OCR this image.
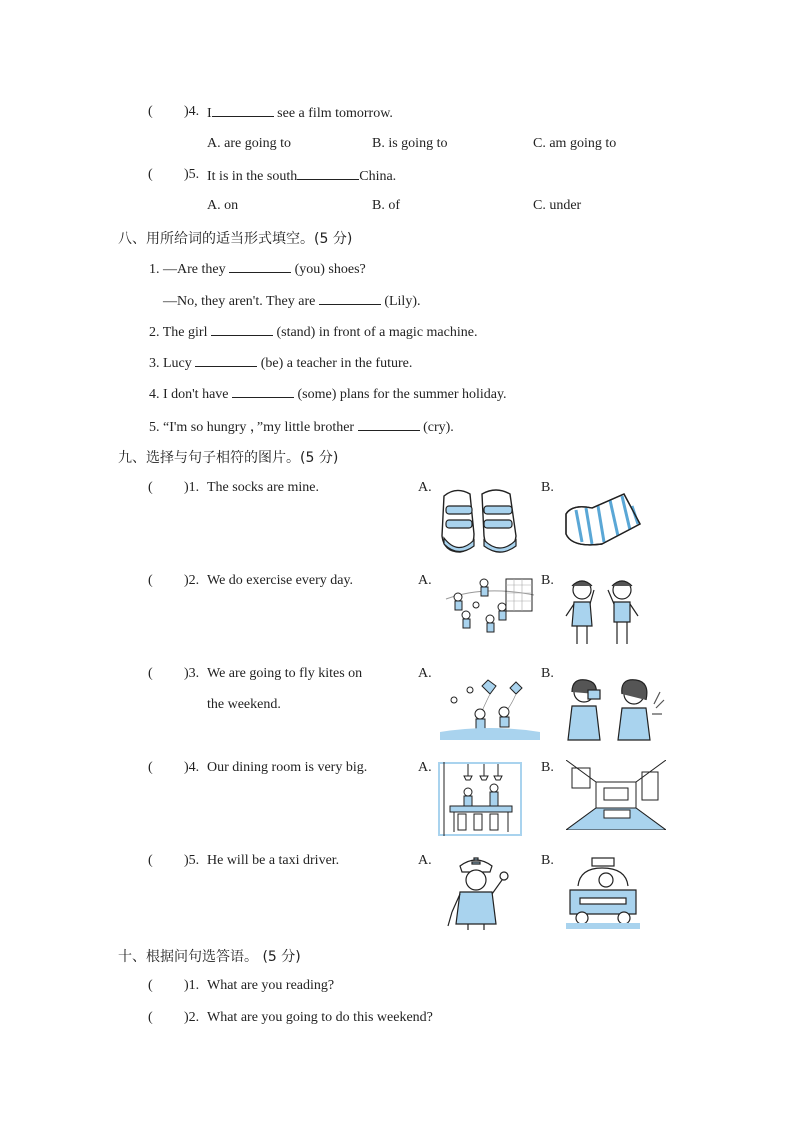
( )4. I	see a film tomorrow.
A. are going to	B. is going to	C. am going to
( )5. It is in the south	China.
A. on	B. of	C. under
八、用所给词的适当形式填空。(5 分)
1. —Are they	(you) shoes?
—No, they aren't. They are	(Lily).
2. The girl	(stand) in front of a magic machine.
3. Lucy	(be) a teacher in the future.
4. I don't have	(some) plans for the summer holiday.
5. “I'm so hungry ，”my little brother	(cry).
九、选择与句子相符的图片。(5 分)
( )1. The socks are mine.	A.	B.
( )2. We do exercise every day.	A.	B.
( )3. We are going to fly kites on
the weekend.
A.	B.
( )4. Our dining room is very big.	A.	B.
( )5. He will be a taxi driver.	A.	B.
十、根据问句选答语。 (5 分)
( )1. What are you reading?
( )2. What are you going to do this weekend?
